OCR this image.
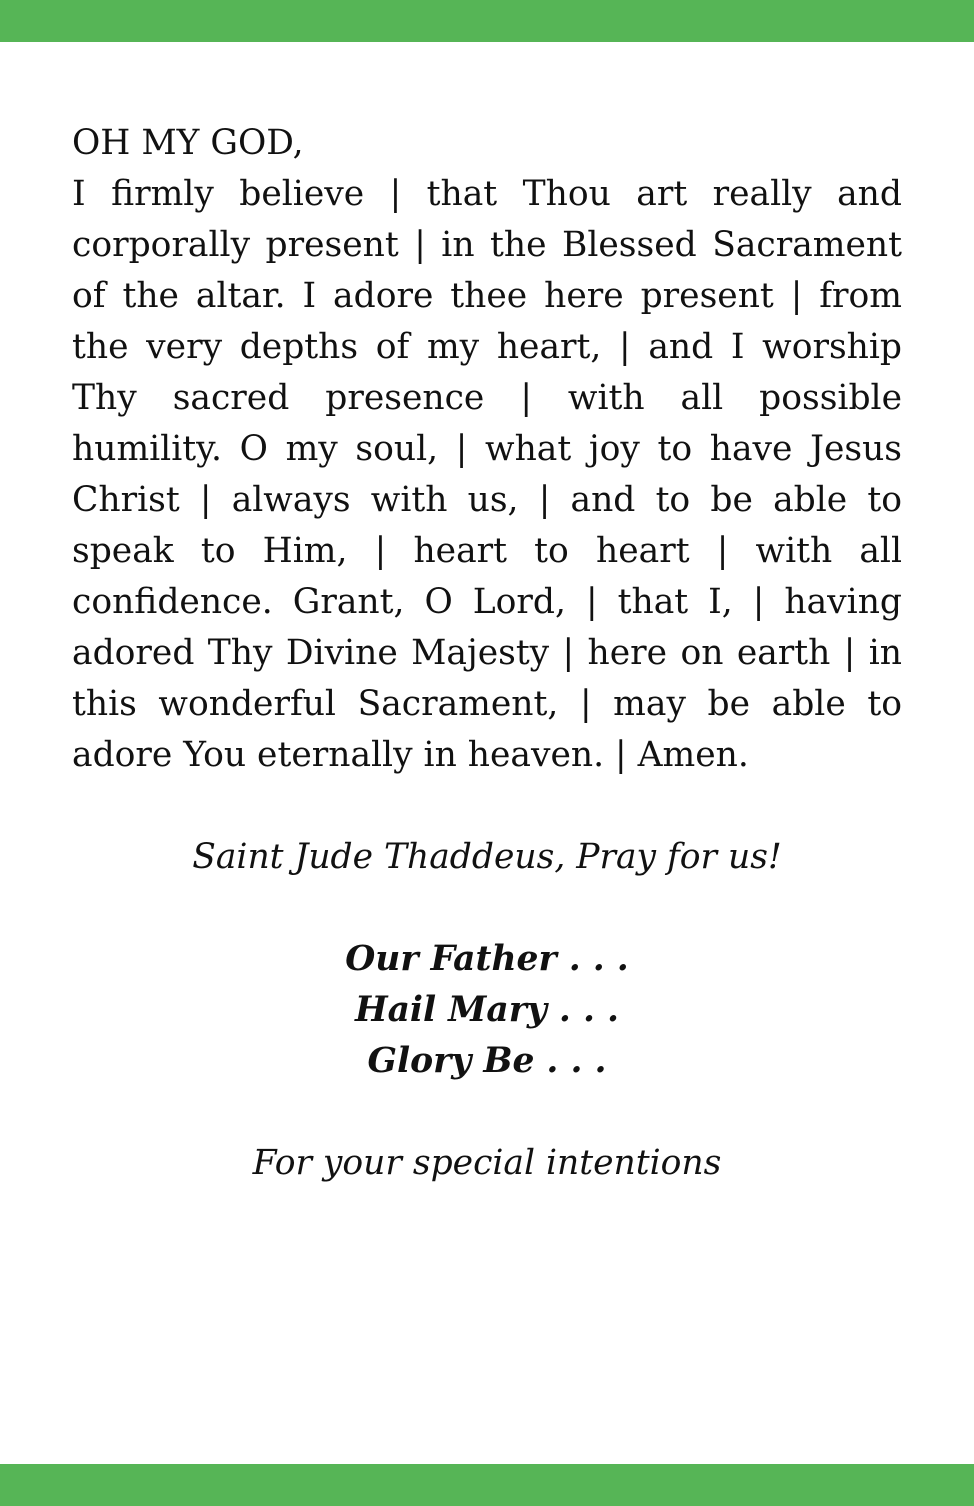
OH MY GOD,

I firmly believe | that Thou art really and corporally present | in the Blessed Sacrament of the altar. I adore thee here present | from the very depths of my heart, | and I worship Thy sacred presence | with all possible humility. O my soul, | what joy to have Jesus Christ | always with us, | and to be able to speak to Him, | heart to heart | with all confidence. Grant, O Lord, | that I, | having adored Thy Divine Majesty | here on earth | in this wonderful Sacrament, | may be able to adore You eternally in heaven. | Amen.

Saint Jude Thaddeus, Pray for us!

Our Father . . .
Hail Mary . . .
Glory Be . . .

For your special intentions
